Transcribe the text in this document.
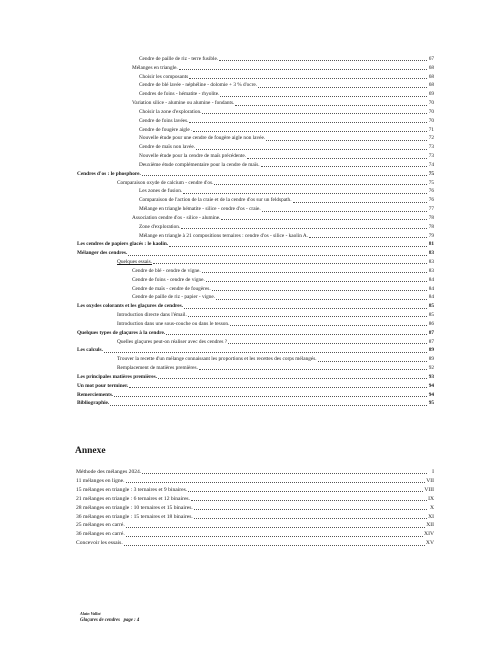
Cendre de paille de riz - terre fusible.	67
Mélanges en triangle.	68
Choisir les composants	68
Cendre de blé lavée - néphéline - dolomie + 3 % d'ocre.	68
Cendres de foins - hématite - rhyolite.	69
Variation silice - alumine ou alumine - fondants.	70
Choisir la zone d'exploration.	70
Cendre de foins lavées.	70
Cendre de fougère aigle .	71
Nouvelle étude pour une cendre de fougère aigle non lavée.	72
Cendre de maïs non lavée.	73
Nouvelle étude pour la cendre de maïs précédente.	73
Deuxième étude complémentaire pour la cendre de maïs.	74
Cendres d'os : le phosphore.	75
Comparaison oxyde de calcium - cendre d'os.	75
Les zones de fusion.	76
Comparaison de l'action de la craie et de la cendre d'os sur un feldspath.	76
Mélange en triangle hématite - silice - cendre d'os - craie.	77
Association cendre d'os - silice - alumine.	78
Zone d'exploration.	78
Mélange en triangle à 21 compositions ternaires : cendre d'os - silice - kaolin A.	79
Les cendres de papiers glacés : le kaolin.	81
Mélanger des cendres.	83
Quelques essais.	83
Cendre de blé - cendre de vigne.	83
Cendre de foins - cendre de vigne.	84
Cendre de maïs - cendre de fougères.	84
Cendre de paille de riz - papier - vigne.	84
Les oxydes colorants et les glaçures de cendres.	85
Introduction directe dans l'émail.	85
Introduction dans une sous-couche ou dans le tesson.	86
Quelques types de glaçures à la cendre.	87
Quelles glaçures peut-on réaliser avec des cendres ?	87
Les calculs.	89
Trouver la recette d'un mélange connaissant les proportions et les recettes des corps mélangés.	89
Remplacement de matières premières.	92
Les principales matières premières.	93
Un mot pour terminer.	94
Remerciements.	94
Bibliographie.	95
Annexe
Méthode des mélanges 2024.	I
11 mélanges en ligne.	VII
15 mélanges en triangle : 3 ternaires et 9 binaires.	VIII
21 mélanges en triangle : 6 ternaires et 12 binaires.	IX
28 mélanges en triangle : 10 ternaires et 15 binaires.	X
36 mélanges en triangle : 15 ternaires et 18 binaires.	XI
25 mélanges en carré.	XII
36 mélanges en carré.	XIV
Concevoir les essais.	XV
Alain Vallot
Glaçures de cendres page : 4
